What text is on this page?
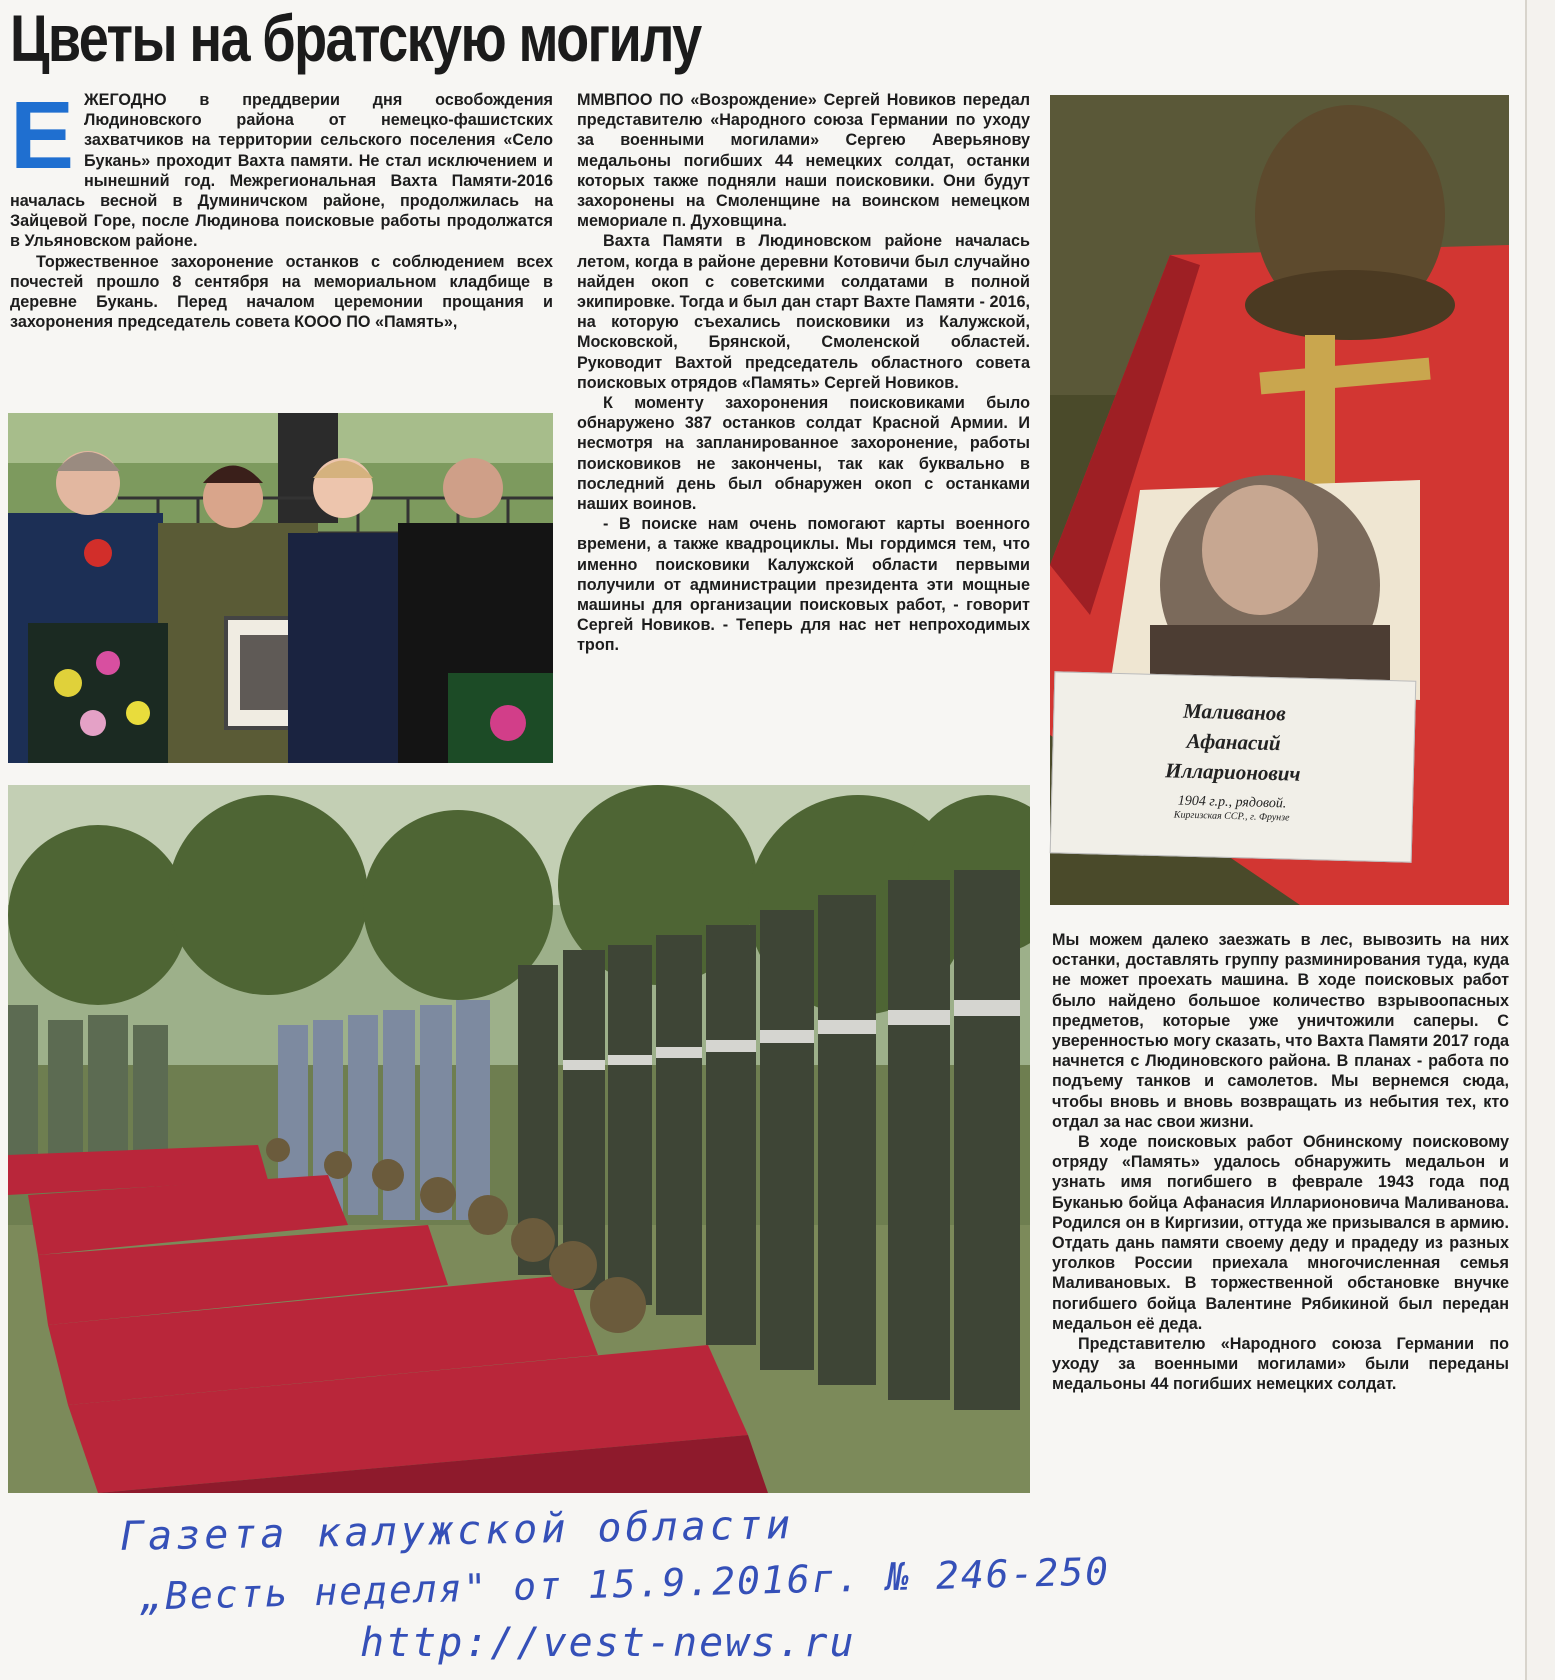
Цветы на братскую могилу
Е ЖЕГОДНО в преддверии дня освобождения Людиновского района от немецко-фашистских захватчиков на территории сельского поселения «Село Букань» проходит Вахта памяти. Не стал исключением и нынешний год. Межрегиональная Вахта Памяти-2016 началась весной в Думиничском районе, продолжилась на Зайцевой Горе, после Людинова поисковые работы продолжатся в Ульяновском районе.

Торжественное захоронение останков с соблюдением всех почестей прошло 8 сентября на мемориальном кладбище в деревне Букань. Перед началом церемонии прощания и захоронения председатель совета КОOO ПО «Память»,

ММВПОО ПО «Возрождение» Сергей Новиков передал представителю «Народного союза Германии по уходу за военными могилами» Сергею Аверьянову медальоны погибших 44 немецких солдат, останки которых также подняли наши поисковики. Они будут захоронены на Смоленщине на воинском немецком мемориале п. Духовщина.

Вахта Памяти в Людиновском районе началась летом, когда в районе деревни Котовичи был случайно найден окоп с советскими солдатами в полной экипировке. Тогда и был дан старт Вахте Памяти - 2016, на которую съехались поисковики из Калужской, Московской, Брянской, Смоленской областей. Руководит Вахтой председатель областного совета поисковых отрядов «Память» Сергей Новиков.

К моменту захоронения поисковиками было обнаружено 387 останков солдат Красной Армии. И несмотря на запланированное захоронение, работы поисковиков не закончены, так как буквально в последний день был обнаружен окоп с останками наших воинов.

- В поиске нам очень помогают карты военного времени, а также квадроциклы. Мы гордимся тем, что именно поисковики Калужской области первыми получили от администрации президента эти мощные машины для организации поисковых работ, - говорит Сергей Новиков. - Теперь для нас нет непроходимых троп.

Маливанов
Афанасий
Илларионович
1904 г.р., рядовой.
Киргизская ССР., г. Фрунзе

Мы можем далеко заезжать в лес, вывозить на них останки, доставлять группу разминирования туда, куда не может проехать машина. В ходе поисковых работ было найдено большое количество взрывоопасных предметов, которые уже уничтожили саперы. С уверенностью могу сказать, что Вахта Памяти 2017 года начнется с Людиновского района. В планах - работа по подъему танков и самолетов. Мы вернемся сюда, чтобы вновь и вновь возвращать из небытия тех, кто отдал за нас свои жизни.

В ходе поисковых работ Обнинскому поисковому отряду «Память» удалось обнаружить медальон и узнать имя погибшего в феврале 1943 года под Буканью бойца Афанасия Илларионовича Маливанова. Родился он в Киргизии, оттуда же призывался в армию. Отдать дань памяти своему деду и прадеду из разных уголков России приехала многочисленная семья Маливановых. В торжественной обстановке внучке погибшего бойца Валентине Рябикиной был передан медальон её деда.

Представителю «Народного союза Германии по уходу за военными могилами» были переданы медальоны 44 погибших немецких солдат.

Газета калужской области
„Весть неделя" от 15.9.2016г. № 246-250
http://vest-news.ru
